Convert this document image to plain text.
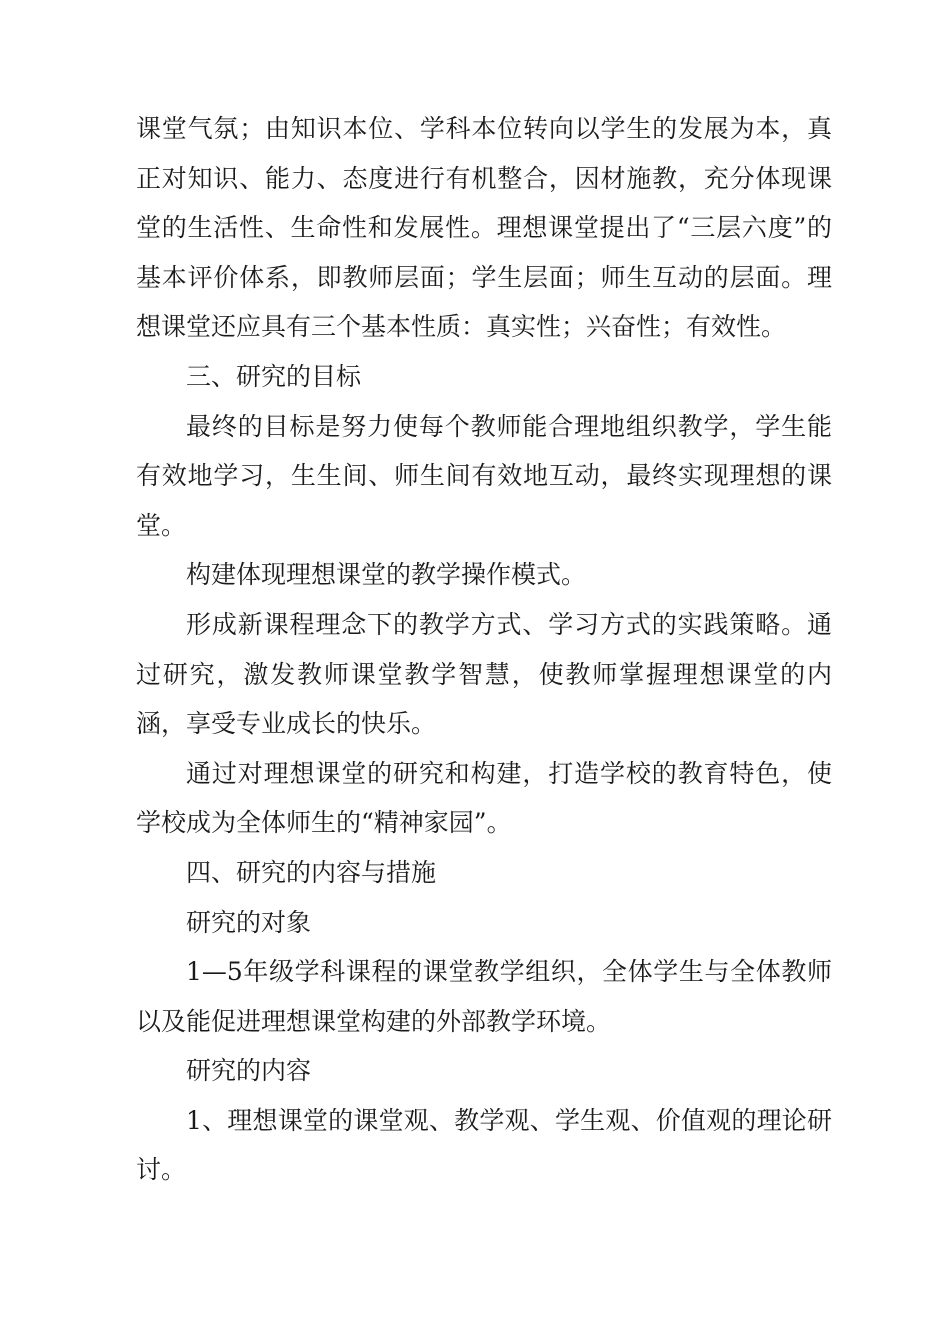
课堂气氛；由知识本位、学科本位转向以学生的发展为本，真正对知识、能力、态度进行有机整合，因材施教，充分体现课堂的生活性、生命性和发展性。理想课堂提出了“三层六度”的基本评价体系，即教师层面；学生层面；师生互动的层面。理想课堂还应具有三个基本性质：真实性；兴奋性；有效性。

三、研究的目标

最终的目标是努力使每个教师能合理地组织教学，学生能有效地学习，生生间、师生间有效地互动，最终实现理想的课堂。

构建体现理想课堂的教学操作模式。

形成新课程理念下的教学方式、学习方式的实践策略。通过研究，激发教师课堂教学智慧，使教师掌握理想课堂的内涵，享受专业成长的快乐。

通过对理想课堂的研究和构建，打造学校的教育特色，使学校成为全体师生的“精神家园”。

四、研究的内容与措施

研究的对象

1—5年级学科课程的课堂教学组织，全体学生与全体教师以及能促进理想课堂构建的外部教学环境。

研究的内容

1、理想课堂的课堂观、教学观、学生观、价值观的理论研讨。
